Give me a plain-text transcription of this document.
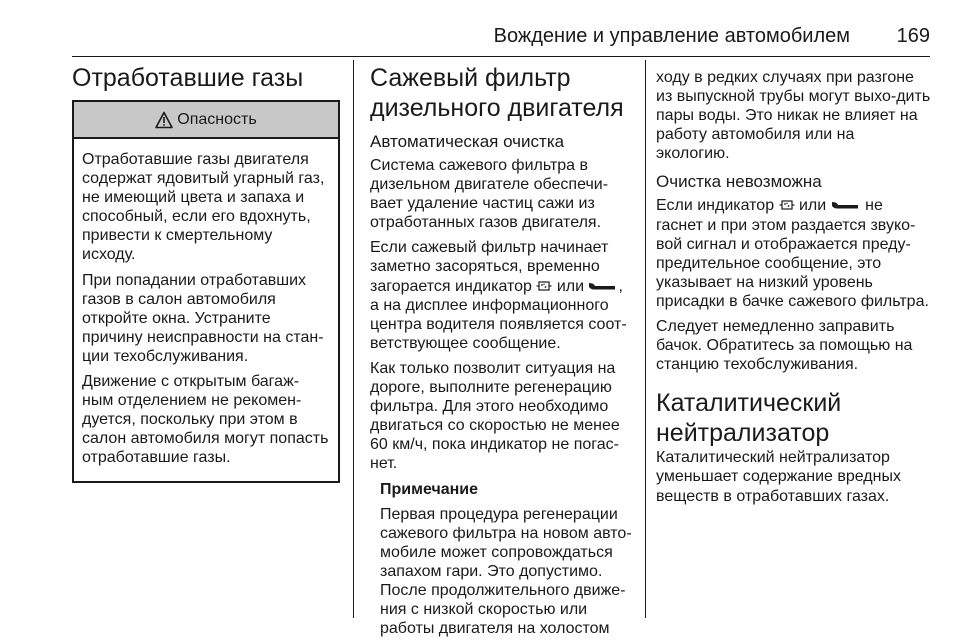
Вождение и управление автомобилем	169
Отработавшие газы
Опасность

Отработавшие газы двигателя содержат ядовитый угарный газ, не имеющий цвета и запаха и способный, если его вдохнуть, привести к смертельному исходу.

При попадании отработавших газов в салон автомобиля откройте окна. Устраните причину неисправности на стан-ции техобслуживания.

Движение с открытым багаж-ным отделением не рекомен-дуется, поскольку при этом в салон автомобиля могут попасть отработавшие газы.

Сажевый фильтр дизельного двигателя
Автоматическая очистка

Система сажевого фильтра в дизельном двигателе обеспечи-вает удаление частиц сажи из отработанных газов двигателя.

Если сажевый фильтр начинает заметно засоряться, временно загорается индикатор  или , а на дисплее информационного центра водителя появляется соот-ветствующее сообщение.

Как только позволит ситуация на дороге, выполните регенерацию фильтра. Для этого необходимо двигаться со скоростью не менее 60 км/ч, пока индикатор не погас-нет.

Примечание

Первая процедура регенерации сажевого фильтра на новом авто-мобиле может сопровождаться запахом гари. Это допустимо. После продолжительного движе-ния с низкой скоростью или работы двигателя на холостом

ходу в редких случаях при разгоне из выпускной трубы могут выхо-дить пары воды. Это никак не влияет на работу автомобиля или на экологию.

Очистка невозможна

Если индикатор  или  не гаснет и при этом раздается звуко-вой сигнал и отображается преду-предительное сообщение, это указывает на низкий уровень присадки в бачке сажевого фильтра.

Следует немедленно заправить бачок. Обратитесь за помощью на станцию техобслуживания.

Каталитический нейтрализатор

Каталитический нейтрализатор уменьшает содержание вредных веществ в отработавших газах.
